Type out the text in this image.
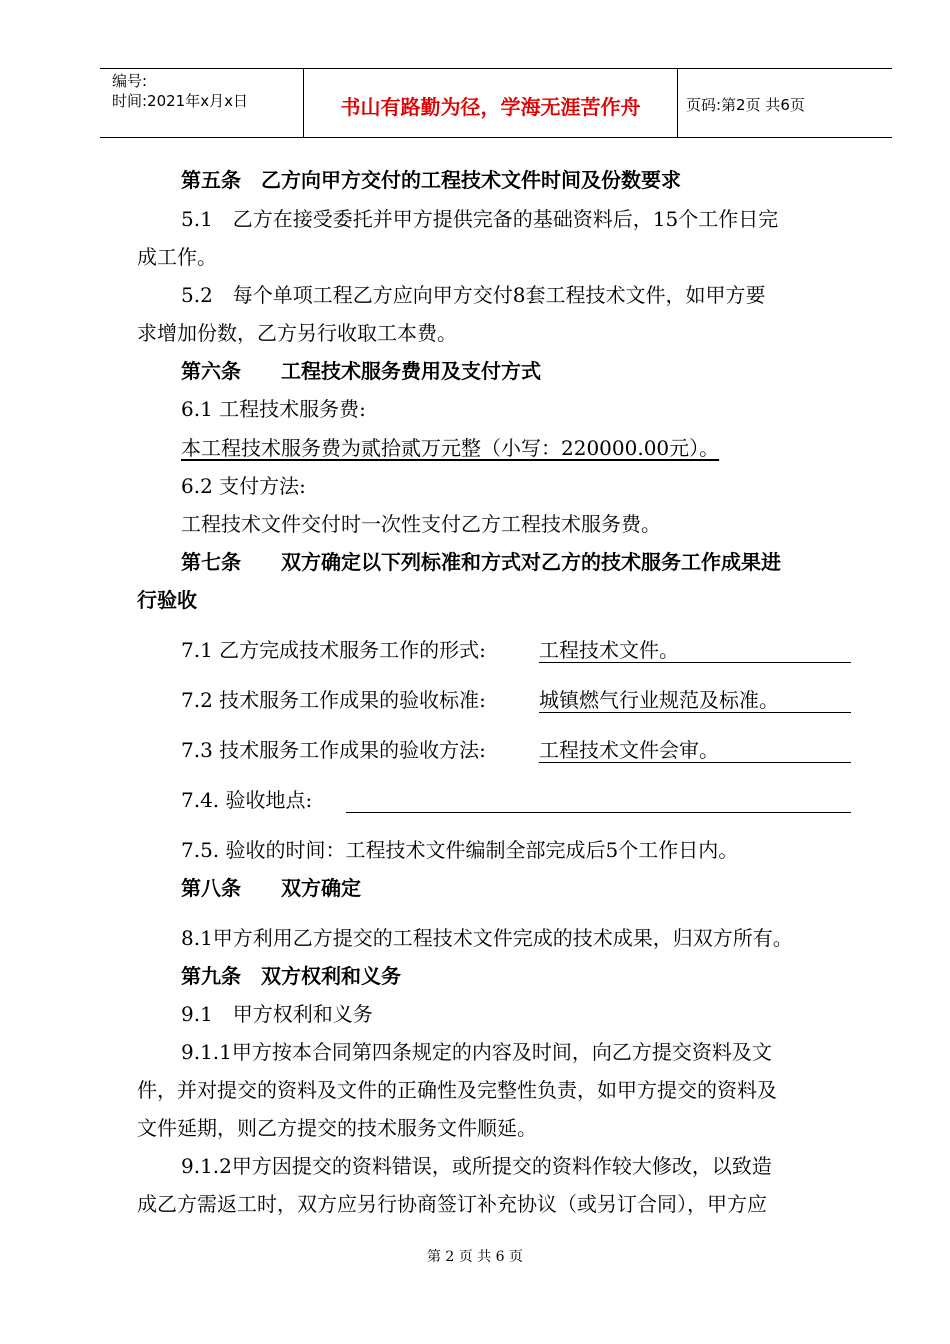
编号:
时间:2021年x月x日	书山有路勤为径，学海无涯苦作舟	页码:第2页 共6页
第五条　乙方向甲方交付的工程技术文件时间及份数要求
5.1　乙方在接受委托并甲方提供完备的基础资料后，15个工作日完
成工作。
5.2　每个单项工程乙方应向甲方交付8套工程技术文件，如甲方要
求增加份数，乙方另行收取工本费。
第六条　　工程技术服务费用及支付方式
6.1 工程技术服务费:
本工程技术服务费为贰拾贰万元整（小写：220000.00元）。
6.2 支付方法:
工程技术文件交付时一次性支付乙方工程技术服务费。
第七条　　双方确定以下列标准和方式对乙方的技术服务工作成果进
行验收
7.1 乙方完成技术服务工作的形式:	工程技术文件。
7.2 技术服务工作成果的验收标准:	城镇燃气行业规范及标准。
7.3 技术服务工作成果的验收方法:	工程技术文件会审。
7.4. 验收地点:
7.5. 验收的时间：工程技术文件编制全部完成后5个工作日内。
第八条　　双方确定
8.1甲方利用乙方提交的工程技术文件完成的技术成果，归双方所有。
第九条　双方权利和义务
9.1　甲方权利和义务
9.1.1甲方按本合同第四条规定的内容及时间，向乙方提交资料及文
件，并对提交的资料及文件的正确性及完整性负责，如甲方提交的资料及
文件延期，则乙方提交的技术服务文件顺延。
9.1.2甲方因提交的资料错误，或所提交的资料作较大修改，以致造
成乙方需返工时，双方应另行协商签订补充协议（或另订合同），甲方应
第 2 页 共 6 页
